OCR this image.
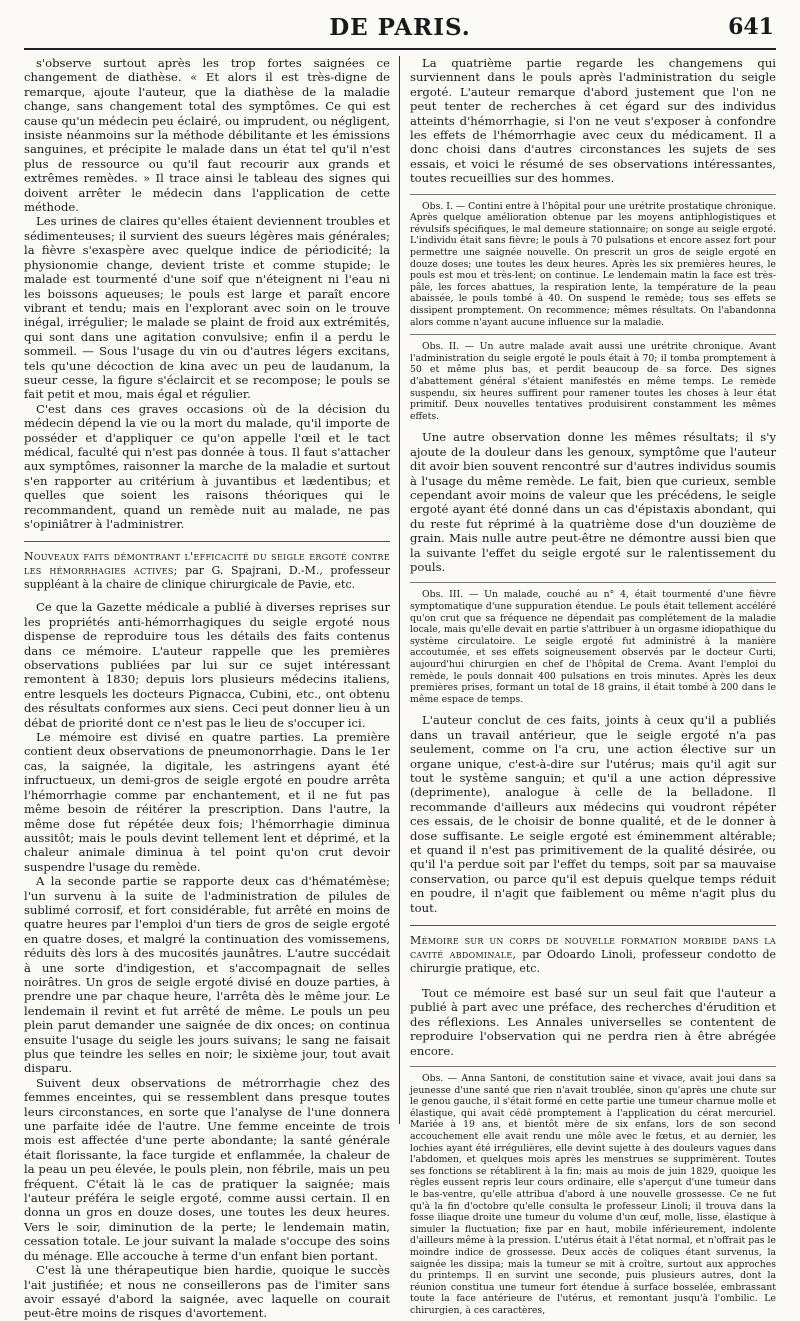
DE PARIS.	641

s'observe surtout après les trop fortes saignées ce changement de diathèse. « Et alors il est très-digne de remarque, ajoute l'auteur, que la diathèse de la maladie change, sans changement total des symptômes. Ce qui est cause qu'un médecin peu éclairé, ou imprudent, ou négligent, insiste néanmoins sur la méthode débilitante et les émissions sanguines, et précipite le malade dans un état tel qu'il n'est plus de ressource ou qu'il faut recourir aux grands et extrêmes remèdes. » Il trace ainsi le tableau des signes qui doivent arrêter le médecin dans l'application de cette méthode.

Les urines de claires qu'elles étaient deviennent troubles et sédimenteuses; il survient des sueurs légères mais générales; la fièvre s'exaspère avec quelque indice de périodicité; la physionomie change, devient triste et comme stupide; le malade est tourmenté d'une soif que n'éteignent ni l'eau ni les boissons aqueuses; le pouls est large et paraît encore vibrant et tendu; mais en l'explorant avec soin on le trouve inégal, irrégulier; le malade se plaint de froid aux extrémités, qui sont dans une agitation convulsive; enfin il a perdu le sommeil. — Sous l'usage du vin ou d'autres légers excitans, tels qu'une décoction de kina avec un peu de laudanum, la sueur cesse, la figure s'éclaircit et se recompose; le pouls se fait petit et mou, mais égal et régulier.

C'est dans ces graves occasions où de la décision du médecin dépend la vie ou la mort du malade, qu'il importe de posséder et d'appliquer ce qu'on appelle l'œil et le tact médical, faculté qui n'est pas donnée à tous. Il faut s'attacher aux symptômes, raisonner la marche de la maladie et surtout s'en rapporter au critérium à juvantibus et lædentibus; et quelles que soient les raisons théoriques qui le recommandent, quand un remède nuit au malade, ne pas s'opiniâtrer à l'administrer.

Nouveaux faits démontrant l'efficacité du seigle ergoté contre les hémorrhagies actives; par G. Spajrani, D.-M., professeur suppléant à la chaire de clinique chirurgicale de Pavie, etc.

Ce que la Gazette médicale a publié à diverses reprises sur les propriétés anti-hémorrhagiques du seigle ergoté nous dispense de reproduire tous les détails des faits contenus dans ce mémoire. L'auteur rappelle que les premières observations publiées par lui sur ce sujet intéressant remontent à 1830; depuis lors plusieurs médecins italiens, entre lesquels les docteurs Pignacca, Cubini, etc., ont obtenu des résultats conformes aux siens. Ceci peut donner lieu à un débat de priorité dont ce n'est pas le lieu de s'occuper ici.

Le mémoire est divisé en quatre parties. La première contient deux observations de pneumonorrhagie. Dans le 1er cas, la saignée, la digitale, les astringens ayant été infructueux, un demi-gros de seigle ergoté en poudre arrêta l'hémorrhagie comme par enchantement, et il ne fut pas même besoin de réitérer la prescription. Dans l'autre, la même dose fut répétée deux fois; l'hémorrhagie diminua aussitôt; mais le pouls devint tellement lent et déprimé, et la chaleur animale diminua à tel point qu'on crut devoir suspendre l'usage du remède.

A la seconde partie se rapporte deux cas d'hématémèse; l'un survenu à la suite de l'administration de pilules de sublimé corrosif, et fort considérable, fut arrêté en moins de quatre heures par l'emploi d'un tiers de gros de seigle ergoté en quatre doses, et malgré la continuation des vomissemens, réduits dès lors à des mucosités jaunâtres. L'autre succédait à une sorte d'indigestion, et s'accompagnait de selles noirâtres. Un gros de seigle ergoté divisé en douze parties, à prendre une par chaque heure, l'arrêta dès le même jour. Le lendemain il revint et fut arrêté de même. Le pouls un peu plein parut demander une saignée de dix onces; on continua ensuite l'usage du seigle les jours suivans; le sang ne faisait plus que teindre les selles en noir; le sixième jour, tout avait disparu.

Suivent deux observations de métrorrhagie chez des femmes enceintes, qui se ressemblent dans presque toutes leurs circonstances, en sorte que l'analyse de l'une donnera une parfaite idée de l'autre. Une femme enceinte de trois mois est affectée d'une perte abondante; la santé générale était florissante, la face turgide et enflammée, la chaleur de la peau un peu élevée, le pouls plein, non fébrile, mais un peu fréquent. C'était là le cas de pratiquer la saignée; mais l'auteur préféra le seigle ergoté, comme aussi certain. Il en donna un gros en douze doses, une toutes les deux heures. Vers le soir, diminution de la perte; le lendemain matin, cessation totale. Le jour suivant la malade s'occupe des soins du ménage. Elle accouche à terme d'un enfant bien portant.

C'est là une thérapeutique bien hardie, quoique le succès l'ait justifiée; et nous ne conseillerons pas de l'imiter sans avoir essayé d'abord la saignée, avec laquelle on courait peut-être moins de risques d'avortement.

La quatrième partie regarde les changemens qui surviennent dans le pouls après l'administration du seigle ergoté. L'auteur remarque d'abord justement que l'on ne peut tenter de recherches à cet égard sur des individus atteints d'hémorrhagie, si l'on ne veut s'exposer à confondre les effets de l'hémorrhagie avec ceux du médicament. Il a donc choisi dans d'autres circonstances les sujets de ses essais, et voici le résumé de ses observations intéressantes, toutes recueillies sur des hommes.

Obs. I. — Contini entre à l'hôpital pour une urétrite prostatique chronique. Après quelque amélioration obtenue par les moyens antiphlogistiques et révulsifs spécifiques, le mal demeure stationnaire; on songe au seigle ergoté. L'individu était sans fièvre; le pouls à 70 pulsations et encore assez fort pour permettre une saignée nouvelle. On prescrit un gros de seigle ergoté en douze doses; une toutes les deux heures. Après les six premières heures, le pouls est mou et très-lent; on continue. Le lendemain matin la face est très-pâle, les forces abattues, la respiration lente, la température de la peau abaissée, le pouls tombé à 40. On suspend le remède; tous ses effets se dissipent promptement. On recommence; mêmes résultats. On l'abandonna alors comme n'ayant aucune influence sur la maladie.

Obs. II. — Un autre malade avait aussi une urétrite chronique. Avant l'administration du seigle ergoté le pouls était à 70; il tomba promptement à 50 et même plus bas, et perdit beaucoup de sa force. Des signes d'abattement général s'étaient manifestés en même temps. Le remède suspendu, six heures suffirent pour ramener toutes les choses à leur état primitif. Deux nouvelles tentatives produisirent constamment les mêmes effets.

Une autre observation donne les mêmes résultats; il s'y ajoute de la douleur dans les genoux, symptôme que l'auteur dit avoir bien souvent rencontré sur d'autres individus soumis à l'usage du même remède. Le fait, bien que curieux, semble cependant avoir moins de valeur que les précédens, le seigle ergoté ayant été donné dans un cas d'épistaxis abondant, qui du reste fut réprimé à la quatrième dose d'un douzième de grain. Mais nulle autre peut-être ne démontre aussi bien que la suivante l'effet du seigle ergoté sur le ralentissement du pouls.

Obs. III. — Un malade, couché au n° 4, était tourmenté d'une fièvre symptomatique d'une suppuration étendue. Le pouls était tellement accéléré qu'on crut que sa fréquence ne dépendait pas complétement de la maladie locale, mais qu'elle devait en partie s'attribuer à un orgasme idiopathique du système circulatoire. Le seigle ergoté fut administré à la manière accoutumée, et ses effets soigneusement observés par le docteur Curti, aujourd'hui chirurgien en chef de l'hôpital de Crema. Avant l'emploi du remède, le pouls donnait 400 pulsations en trois minutes. Après les deux premières prises, formant un total de 18 grains, il était tombé à 200 dans le même espace de temps.

L'auteur conclut de ces faits, joints à ceux qu'il a publiés dans un travail antérieur, que le seigle ergoté n'a pas seulement, comme on l'a cru, une action élective sur un organe unique, c'est-à-dire sur l'utérus; mais qu'il agit sur tout le système sanguin; et qu'il a une action dépressive (deprimente), analogue à celle de la belladone. Il recommande d'ailleurs aux médecins qui voudront répéter ces essais, de le choisir de bonne qualité, et de le donner à dose suffisante. Le seigle ergoté est éminemment altérable; et quand il n'est pas primitivement de la qualité désirée, ou qu'il l'a perdue soit par l'effet du temps, soit par sa mauvaise conservation, ou parce qu'il est depuis quelque temps réduit en poudre, il n'agit que faiblement ou même n'agit plus du tout.

Mémoire sur un corps de nouvelle formation morbide dans la cavité abdominale, par Odoardo Linoli, professeur condotto de chirurgie pratique, etc.

Tout ce mémoire est basé sur un seul fait que l'auteur a publié à part avec une préface, des recherches d'érudition et des réflexions. Les Annales universelles se contentent de reproduire l'observation qui ne perdra rien à être abrégée encore.

Obs. — Anna Santoni, de constitution saine et vivace, avait joui dans sa jeunesse d'une santé que rien n'avait troublée, sinon qu'après une chute sur le genou gauche, il s'était formé en cette partie une tumeur charnue molle et élastique, qui avait cédé promptement à l'application du cérat mercuriel. Mariée à 19 ans, et bientôt mère de six enfans, lors de son second accouchement elle avait rendu une môle avec le fœtus, et au dernier, les lochies ayant été irrégulières, elle devint sujette à des douleurs vagues dans l'abdomen, et quelques mois après les menstrues se supprimèrent. Toutes ses fonctions se rétablirent à la fin; mais au mois de juin 1829, quoique les règles eussent repris leur cours ordinaire, elle s'aperçut d'une tumeur dans le bas-ventre, qu'elle attribua d'abord à une nouvelle grossesse. Ce ne fut qu'à la fin d'octobre qu'elle consulta le professeur Linoli; il trouva dans la fosse iliaque droite une tumeur du volume d'un œuf, molle, lisse, élastique à simuler la fluctuation; fixe par en haut, mobile inférieurement, indolente d'ailleurs même à la pression. L'utérus était à l'état normal, et n'offrait pas le moindre indice de grossesse. Deux accès de coliques étant survenus, la saignée les dissipa; mais la tumeur se mit à croître, surtout aux approches du printemps. Il en survint une seconde, puis plusieurs autres, dont la réunion constitua une tumeur fort étendue à surface bosselée, embrassant toute la face antérieure de l'utérus, et remontant jusqu'à l'ombilic. Le chirurgien, à ces caractères,
